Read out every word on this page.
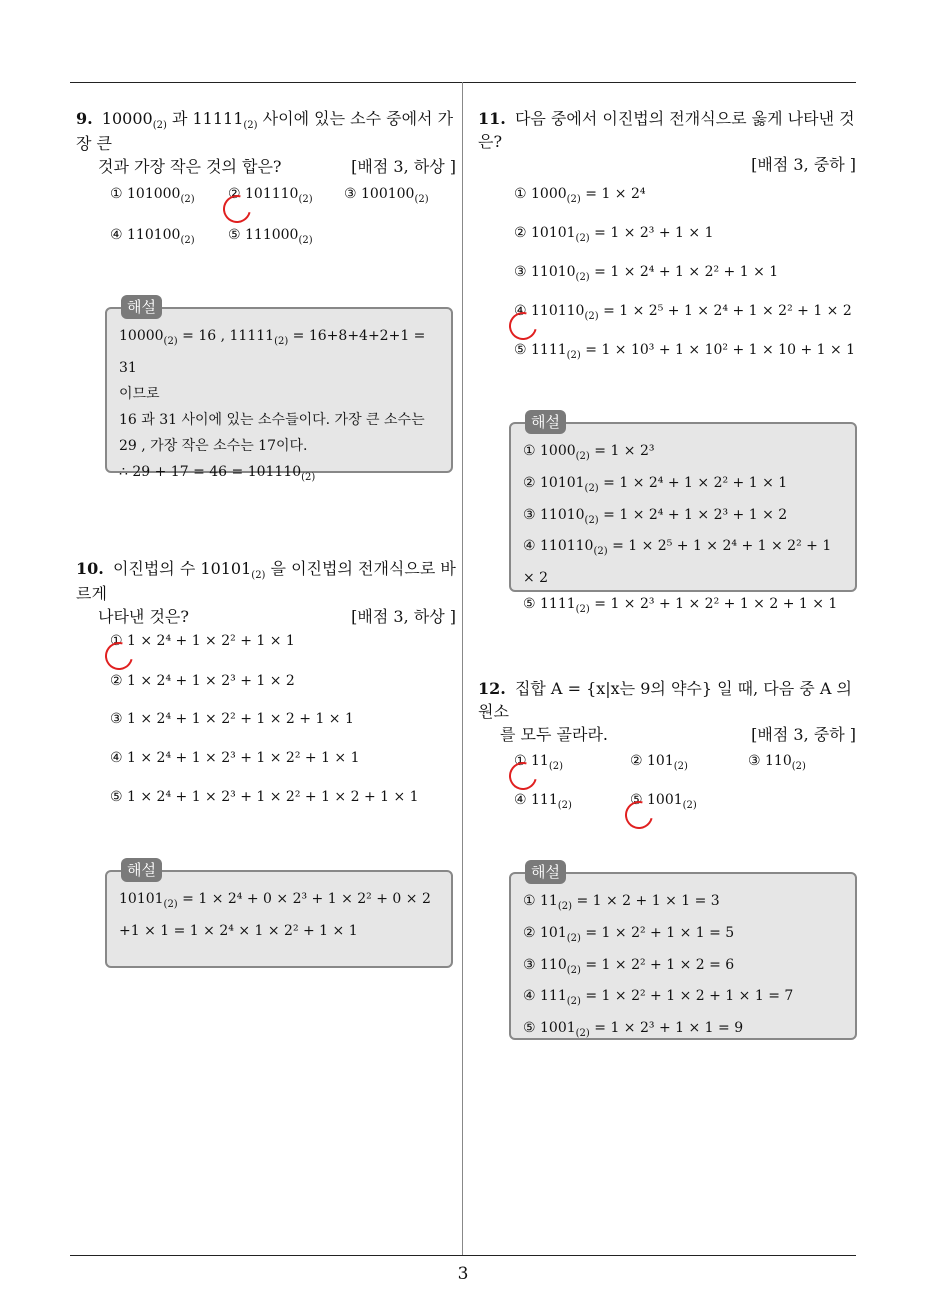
9. $10000_{(2)}$ 과 $11111_{(2)}$ 사이에 있는 소수 중에서 가장 큰
것과 가장 작은 것의 합은?	[배점 3, 하상 ]
① $101000_{(2)}$ ② $101110_{(2)}$ ③ $100100_{(2)}$
④ $110100_{(2)}$ ⑤ $111000_{(2)}$
해설
$10000_{(2)} = 16$ , $11111_{(2)} = 16+8+4+2+1 = 31$
이므로
16 과 31 사이에 있는 소수들이다. 가장 큰 소수는
29 , 가장 작은 소수는 17이다.
∴ $29 + 17 = 46 = 101110_{(2)}$
10. 이진법의 수 $10101_{(2)}$ 을 이진법의 전개식으로 바르게
나타낸 것은?	[배점 3, 하상 ]
① 1 × 2⁴ + 1 × 2² + 1 × 1
② 1 × 2⁴ + 1 × 2³ + 1 × 2
③ 1 × 2⁴ + 1 × 2² + 1 × 2 + 1 × 1
④ 1 × 2⁴ + 1 × 2³ + 1 × 2² + 1 × 1
⑤ 1 × 2⁴ + 1 × 2³ + 1 × 2² + 1 × 2 + 1 × 1
해설
$10101_{(2)} = 1 \times 2^4 + 0 \times 2^3 + 1 \times 2^2 + 0 \times 2$
+1 × 1 = 1 × 2⁴ × 1 × 2² + 1 × 1
11. 다음 중에서 이진법의 전개식으로 옳게 나타낸 것은?
[배점 3, 중하 ]
① $1000_{(2)} = 1 \times 2^4$
② $10101_{(2)} = 1 \times 2^3 + 1 \times 1$
③ $11010_{(2)} = 1 \times 2^4 + 1 \times 2^2 + 1 \times 1$
④ $110110_{(2)} = 1 \times 2^5 + 1 \times 2^4 + 1 \times 2^2 + 1 \times 2$
⑤ $1111_{(2)} = 1 \times 10^3 + 1 \times 10^2 + 1 \times 10 + 1 \times 1$
해설
① $1000_{(2)} = 1 \times 2^3$
② $10101_{(2)} = 1 \times 2^4 + 1 \times 2^2 + 1 \times 1$
③ $11010_{(2)} = 1 \times 2^4 + 1 \times 2^3 + 1 \times 2$
④ $110110_{(2)} = 1 \times 2^5 + 1 \times 2^4 + 1 \times 2^2 + 1 \times 2$
⑤ $1111_{(2)} = 1 \times 2^3 + 1 \times 2^2 + 1 \times 2 + 1 \times 1$
12. 집합 A = {x|x는 9의 약수} 일 때, 다음 중 A 의 원소
를 모두 골라라.	[배점 3, 중하 ]
① $11_{(2)}$	② $101_{(2)}$	③ $110_{(2)}$
④ $111_{(2)}$	⑤ $1001_{(2)}$
해설
① $11_{(2)} = 1 \times 2 + 1 \times 1 = 3$
② $101_{(2)} = 1 \times 2^2 + 1 \times 1 = 5$
③ $110_{(2)} = 1 \times 2^2 + 1 \times 2 = 6$
④ $111_{(2)} = 1 \times 2^2 + 1 \times 2 + 1 \times 1 = 7$
⑤ $1001_{(2)} = 1 \times 2^3 + 1 \times 1 = 9$
3
